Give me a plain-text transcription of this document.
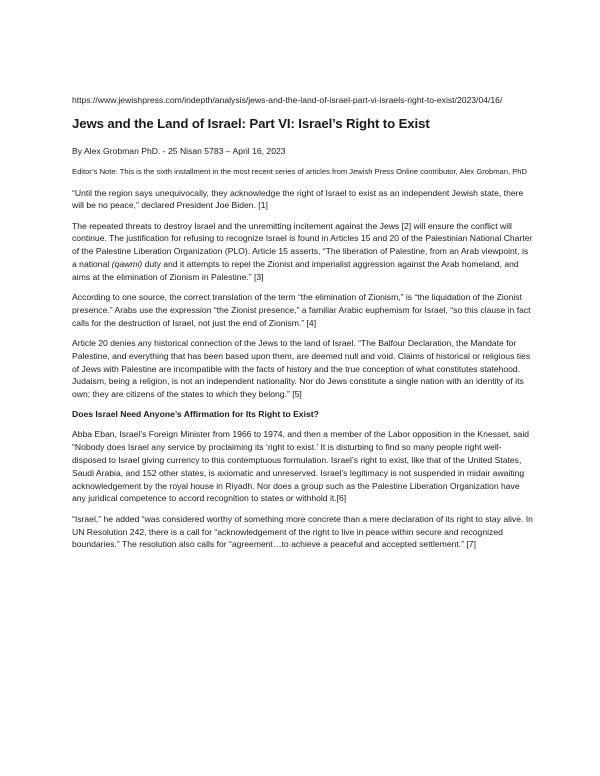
https://www.jewishpress.com/indepth/analysis/jews-and-the-land-of-israel-part-vi-israels-right-to-exist/2023/04/16/

Jews and the Land of Israel: Part VI: Israel’s Right to Exist

By Alex Grobman PhD. - 25 Nisan 5783 – April 16, 2023

Editor’s Note: This is the sixth installment in the most recent series of articles from Jewish Press Online contributor, Alex Grobman, PhD

“Until the region says unequivocally, they acknowledge the right of Israel to exist as an independent Jewish state, there will be no peace,” declared President Joe Biden. [1]

The repeated threats to destroy Israel and the unremitting incitement against the Jews [2] will ensure the conflict will continue. The justification for refusing to recognize Israel is found in Articles 15 and 20 of the Palestinian National Charter of the Palestine Liberation Organization (PLO). Article 15 asserts, “The liberation of Palestine, from an Arab viewpoint, is a national (qawmi) duty and it attempts to repel the Zionist and imperialist aggression against the Arab homeland, and aims at the elimination of Zionism in Palestine.” [3]

According to one source, the correct translation of the term “the elimination of Zionism,” is “the liquidation of the Zionist presence.” Arabs use the expression “the Zionist presence,” a familiar Arabic euphemism for Israel, “so this clause in fact calls for the destruction of Israel, not just the end of Zionism.” [4]

Article 20 denies any historical connection of the Jews to the land of Israel. “The Balfour Declaration, the Mandate for Palestine, and everything that has been based upon them, are deemed null and void. Claims of historical or religious ties of Jews with Palestine are incompatible with the facts of history and the true conception of what constitutes statehood. Judaism, being a religion, is not an independent nationality. Nor do Jews constitute a single nation with an identity of its own; they are citizens of the states to which they belong.” [5]

Does Israel Need Anyone’s Affirmation for Its Right to Exist?

Abba Eban, Israel’s Foreign Minister from 1966 to 1974, and then a member of the Labor opposition in the Knesset, said “Nobody does Israel any service by proclaiming its ‘right to exist.’ It is disturbing to find so many people right well-disposed to Israel giving currency to this contemptuous formulation. Israel’s right to exist, like that of the United States, Saudi Arabia, and 152 other states, is axiomatic and unreserved. Israel’s legitimacy is not suspended in midair awaiting acknowledgement by the royal house in Riyadh. Nor does a group such as the Palestine Liberation Organization have any juridical competence to accord recognition to states or withhold it.[6]

“Israel,” he added “was considered worthy of something more concrete than a mere declaration of its right to stay alive. In UN Resolution 242, there is a call for “acknowledgement of the right to live in peace within secure and recognized boundaries.” The resolution also calls for “agreement…to achieve a peaceful and accepted settlement.” [7]
